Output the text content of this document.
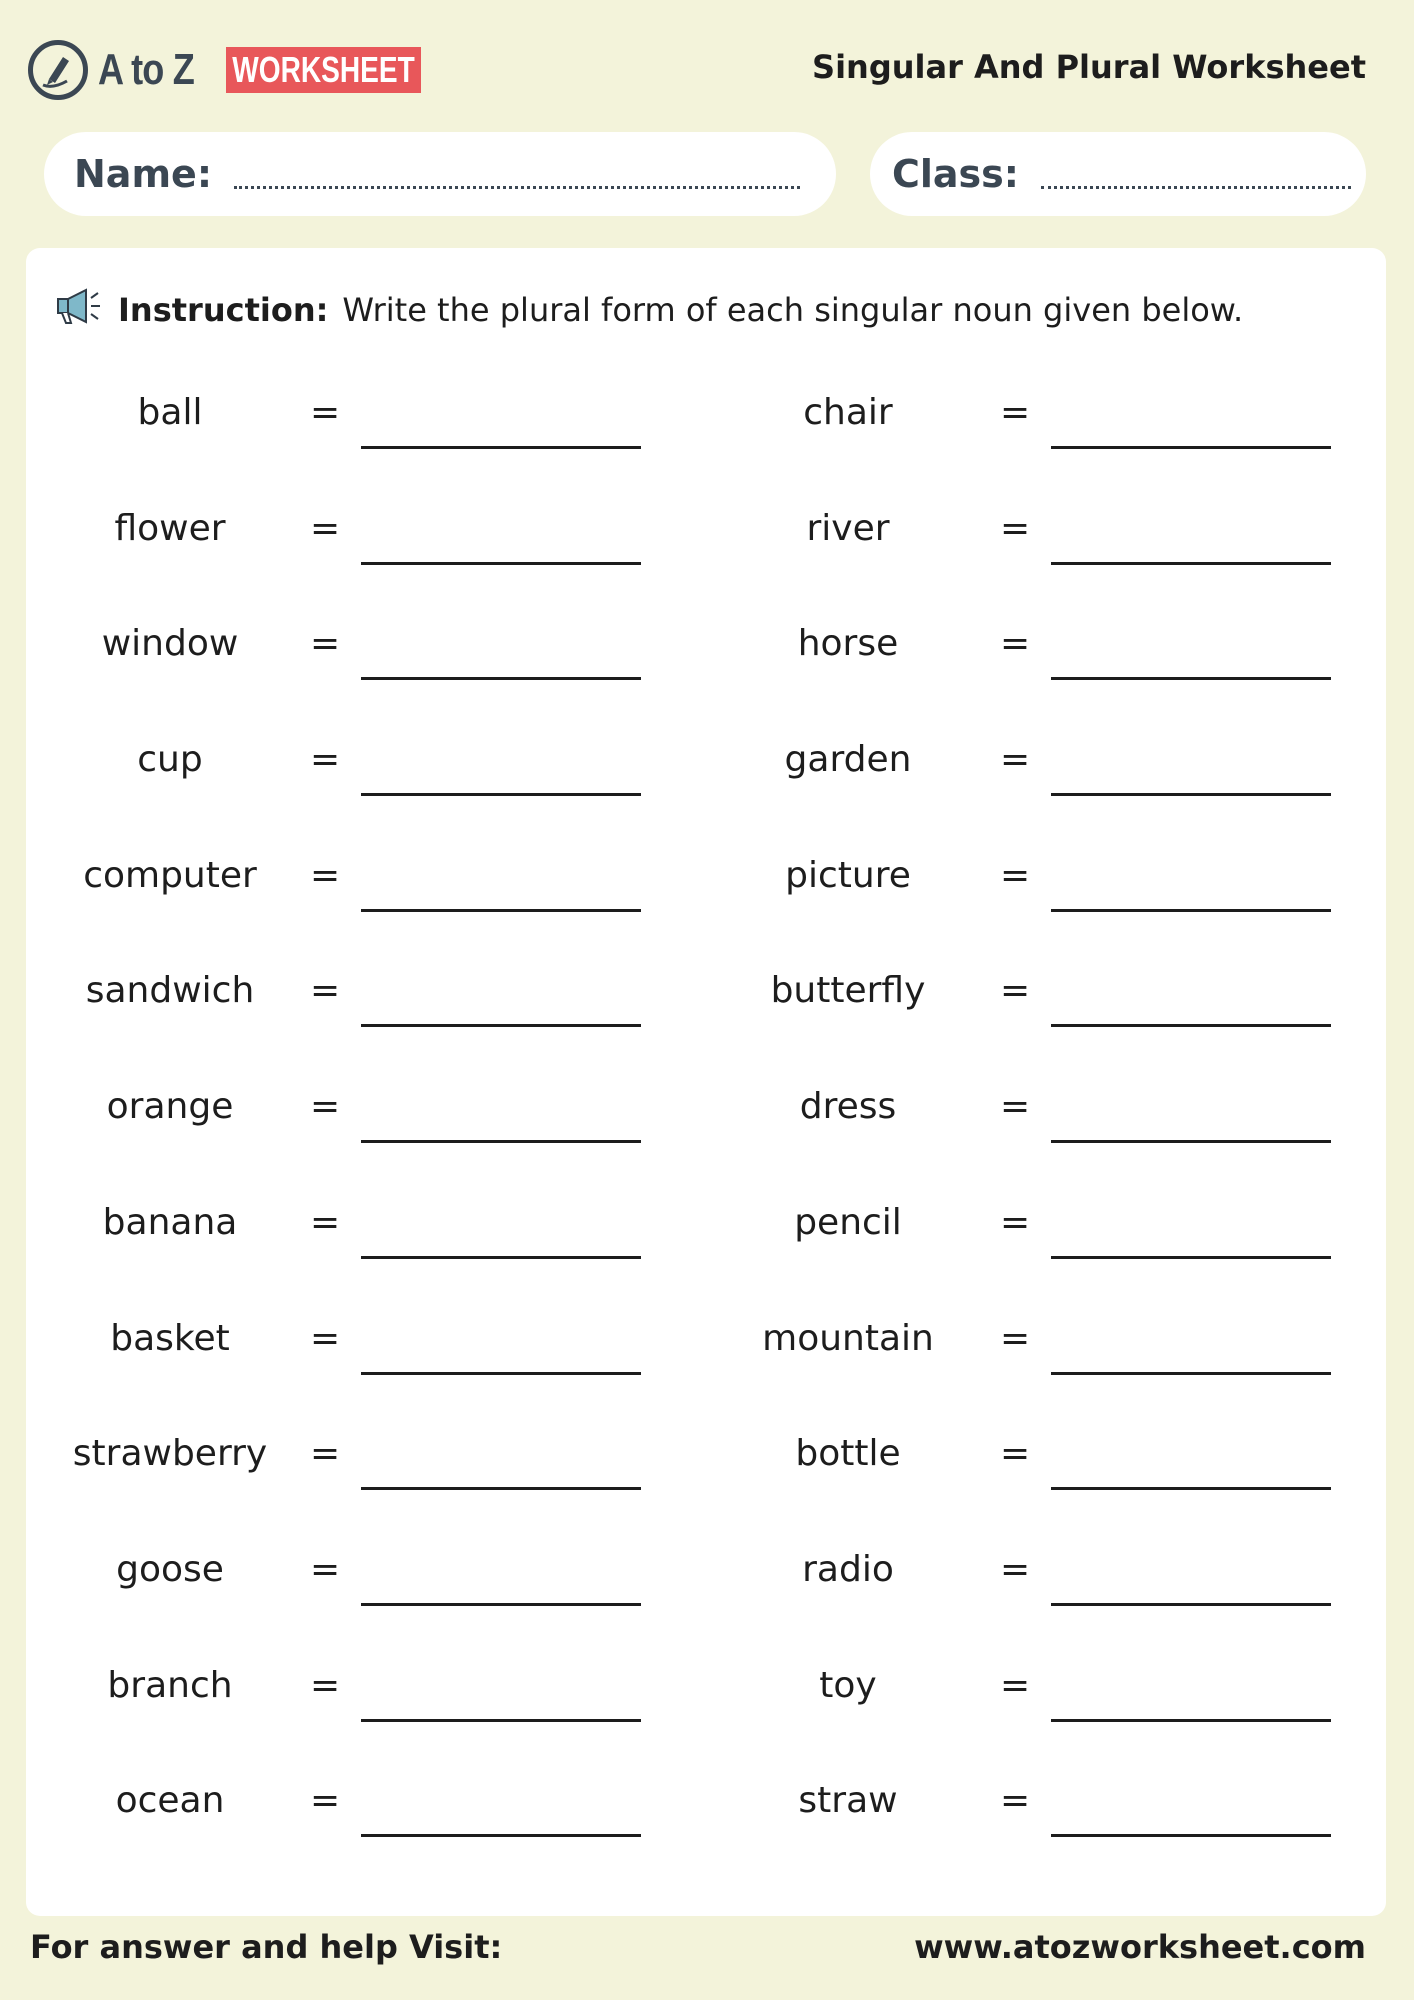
A to Z WORKSHEET	Singular And Plural Worksheet
Name:	Class:
Instruction: Write the plural form of each singular noun given below.
ball	=	chair	=
flower	=	river	=
window	=	horse	=
cup	=	garden	=
computer	=	picture	=
sandwich	=	butterfly	=
orange	=	dress	=
banana	=	pencil	=
basket	=	mountain	=
strawberry	=	bottle	=
goose	=	radio	=
branch	=	toy	=
ocean	=	straw	=
For answer and help Visit:	www.atozworksheet.com
